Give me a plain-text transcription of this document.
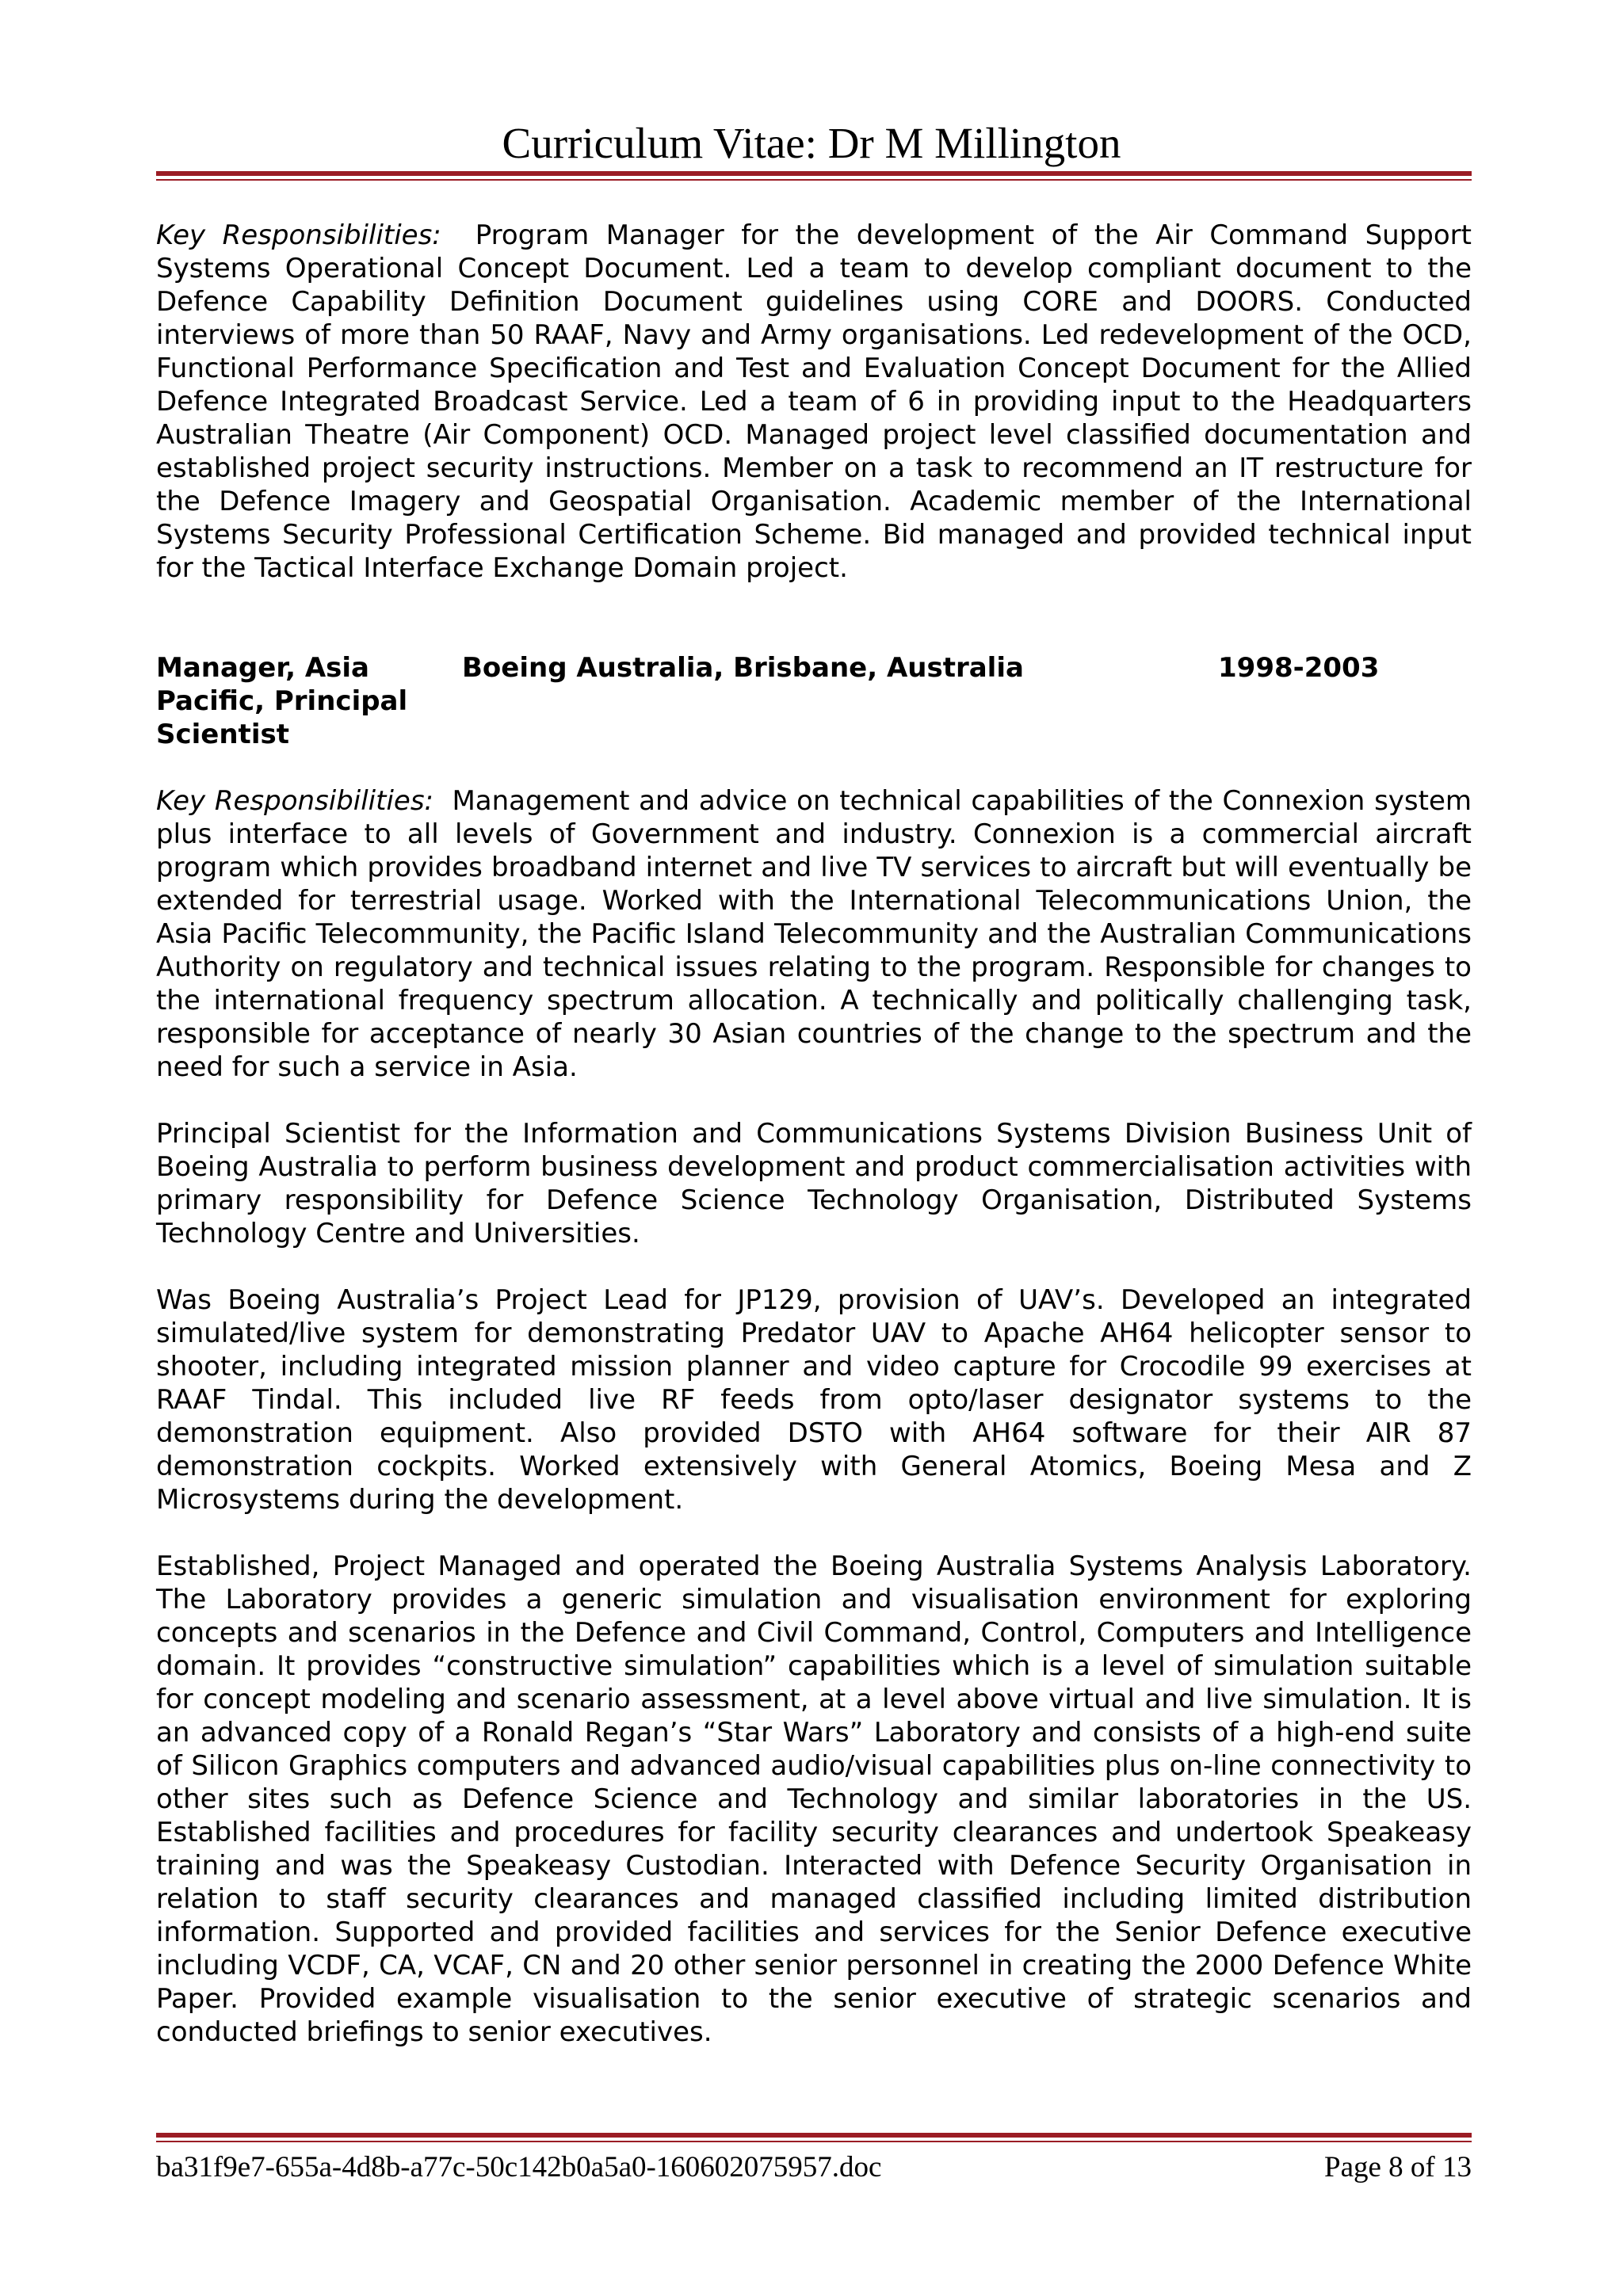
Curriculum Vitae: Dr M Millington

Key Responsibilities: Program Manager for the development of the Air Command Support Systems Operational Concept Document. Led a team to develop compliant document to the Defence Capability Definition Document guidelines using CORE and DOORS. Conducted interviews of more than 50 RAAF, Navy and Army organisations. Led redevelopment of the OCD, Functional Performance Specification and Test and Evaluation Concept Document for the Allied Defence Integrated Broadcast Service. Led a team of 6 in providing input to the Headquarters Australian Theatre (Air Component) OCD. Managed project level classified documentation and established project security instructions. Member on a task to recommend an IT restructure for the Defence Imagery and Geospatial Organisation. Academic member of the International Systems Security Professional Certification Scheme. Bid managed and provided technical input for the Tactical Interface Exchange Domain project.

Manager, Asia Pacific, Principal Scientist
Boeing Australia, Brisbane, Australia	1998-2003

Key Responsibilities: Management and advice on technical capabilities of the Connexion system plus interface to all levels of Government and industry. Connexion is a commercial aircraft program which provides broadband internet and live TV services to aircraft but will eventually be extended for terrestrial usage. Worked with the International Telecommunications Union, the Asia Pacific Telecommunity, the Pacific Island Telecommunity and the Australian Communications Authority on regulatory and technical issues relating to the program. Responsible for changes to the international frequency spectrum allocation. A technically and politically challenging task, responsible for acceptance of nearly 30 Asian countries of the change to the spectrum and the need for such a service in Asia.

Principal Scientist for the Information and Communications Systems Division Business Unit of Boeing Australia to perform business development and product commercialisation activities with primary responsibility for Defence Science Technology Organisation, Distributed Systems Technology Centre and Universities.

Was Boeing Australia’s Project Lead for JP129, provision of UAV’s. Developed an integrated simulated/live system for demonstrating Predator UAV to Apache AH64 helicopter sensor to shooter, including integrated mission planner and video capture for Crocodile 99 exercises at RAAF Tindal. This included live RF feeds from opto/laser designator systems to the demonstration equipment. Also provided DSTO with AH64 software for their AIR 87 demonstration cockpits. Worked extensively with General Atomics, Boeing Mesa and Z Microsystems during the development.

Established, Project Managed and operated the Boeing Australia Systems Analysis Laboratory. The Laboratory provides a generic simulation and visualisation environment for exploring concepts and scenarios in the Defence and Civil Command, Control, Computers and Intelligence domain. It provides “constructive simulation” capabilities which is a level of simulation suitable for concept modeling and scenario assessment, at a level above virtual and live simulation. It is an advanced copy of a Ronald Regan’s “Star Wars” Laboratory and consists of a high-end suite of Silicon Graphics computers and advanced audio/visual capabilities plus on-line connectivity to other sites such as Defence Science and Technology and similar laboratories in the US. Established facilities and procedures for facility security clearances and undertook Speakeasy training and was the Speakeasy Custodian. Interacted with Defence Security Organisation in relation to staff security clearances and managed classified including limited distribution information. Supported and provided facilities and services for the Senior Defence executive including VCDF, CA, VCAF, CN and 20 other senior personnel in creating the 2000 Defence White Paper. Provided example visualisation to the senior executive of strategic scenarios and conducted briefings to senior executives.

ba31f9e7-655a-4d8b-a77c-50c142b0a5a0-160602075957.doc	Page 8 of 13
